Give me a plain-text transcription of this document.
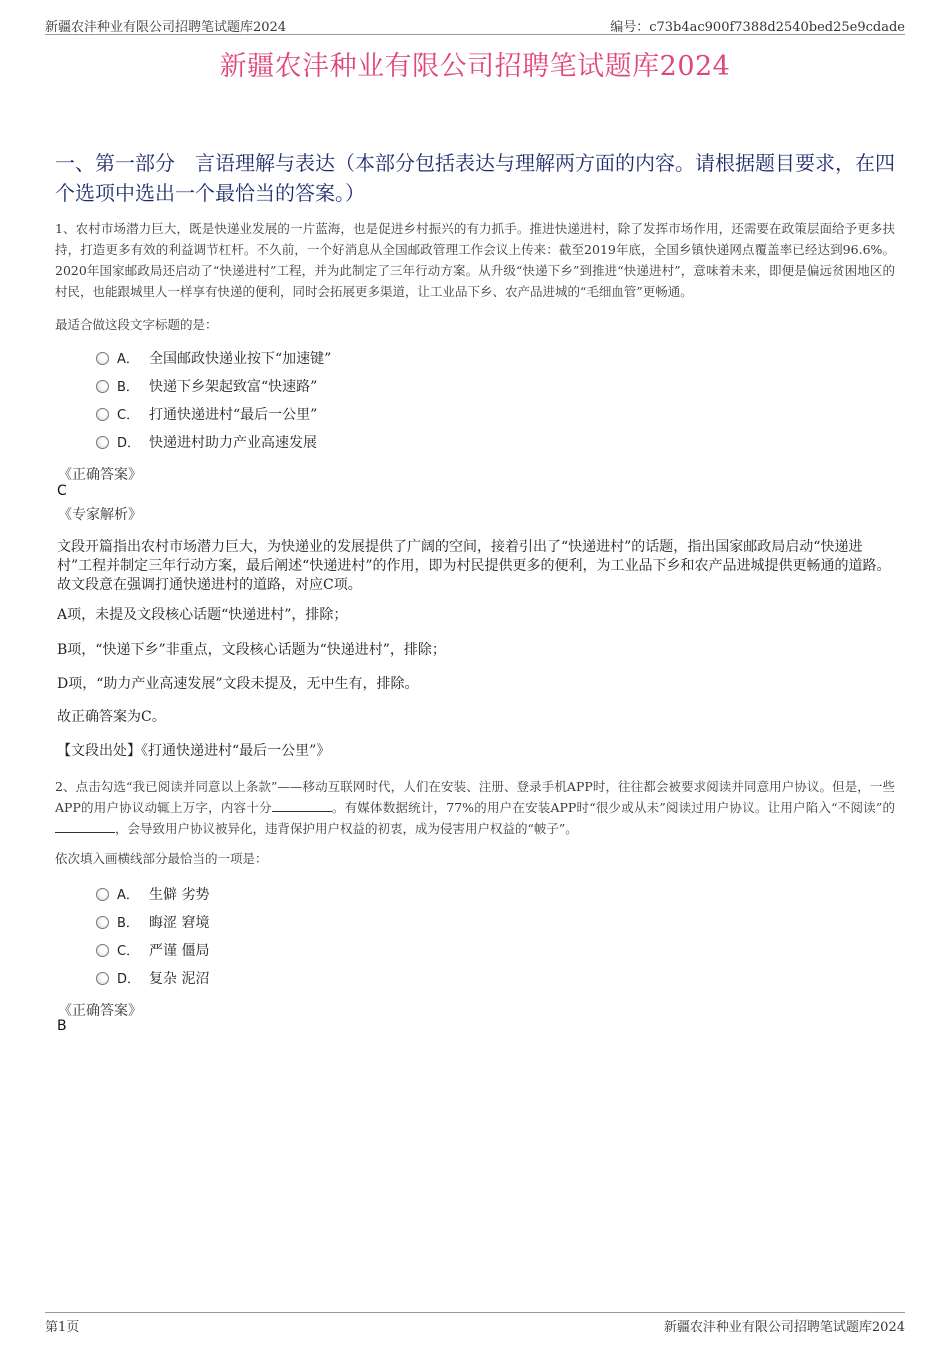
新疆农沣种业有限公司招聘笔试题库2024	编号：c73b4ac900f7388d2540bed25e9cdade
新疆农沣种业有限公司招聘笔试题库2024
一、第一部分　言语理解与表达（本部分包括表达与理解两方面的内容。请根据题目要求，在四个选项中选出一个最恰当的答案。）
1、农村市场潜力巨大，既是快递业发展的一片蓝海，也是促进乡村振兴的有力抓手。推进快递进村，除了发挥市场作用，还需要在政策层面给予更多扶持，打造更多有效的利益调节杠杆。不久前，一个好消息从全国邮政管理工作会议上传来：截至2019年底，全国乡镇快递网点覆盖率已经达到96.6%。2020年国家邮政局还启动了“快递进村”工程，并为此制定了三年行动方案。从升级“快递下乡”到推进“快递进村”，意味着未来，即便是偏远贫困地区的村民，也能跟城里人一样享有快递的便利，同时会拓展更多渠道，让工业品下乡、农产品进城的“毛细血管”更畅通。
最适合做这段文字标题的是：
A． 全国邮政快递业按下“加速键”
B． 快递下乡架起致富“快速路”
C． 打通快递进村“最后一公里”
D． 快递进村助力产业高速发展
《正确答案》
C
《专家解析》
文段开篇指出农村市场潜力巨大，为快递业的发展提供了广阔的空间，接着引出了“快递进村”的话题，指出国家邮政局启动“快递进村”工程并制定三年行动方案，最后阐述“快递进村”的作用，即为村民提供更多的便利，为工业品下乡和农产品进城提供更畅通的道路。故文段意在强调打通快递进村的道路，对应C项。
A项，未提及文段核心话题“快递进村”，排除；
B项，“快递下乡”非重点，文段核心话题为“快递进村”，排除；
D项，“助力产业高速发展”文段未提及，无中生有，排除。
故正确答案为C。
【文段出处】《打通快递进村“最后一公里”》
2、点击勾选“我已阅读并同意以上条款”——移动互联网时代，人们在安装、注册、登录手机APP时，往往都会被要求阅读并同意用户协议。但是，一些APP的用户协议动辄上万字，内容十分	。有媒体数据统计，77%的用户在安装APP时“很少或从未”阅读过用户协议。让用户陷入“不阅读”的，会导致用户协议被异化，违背保护用户权益的初衷，成为侵害用户权益的“帔子”。
依次填入画横线部分最恰当的一项是：
A． 生僻 劣势
B． 晦涩 窘境
C． 严谨 僵局
D． 复杂 泥沼
《正确答案》
B
第1页	新疆农沣种业有限公司招聘笔试题库2024
